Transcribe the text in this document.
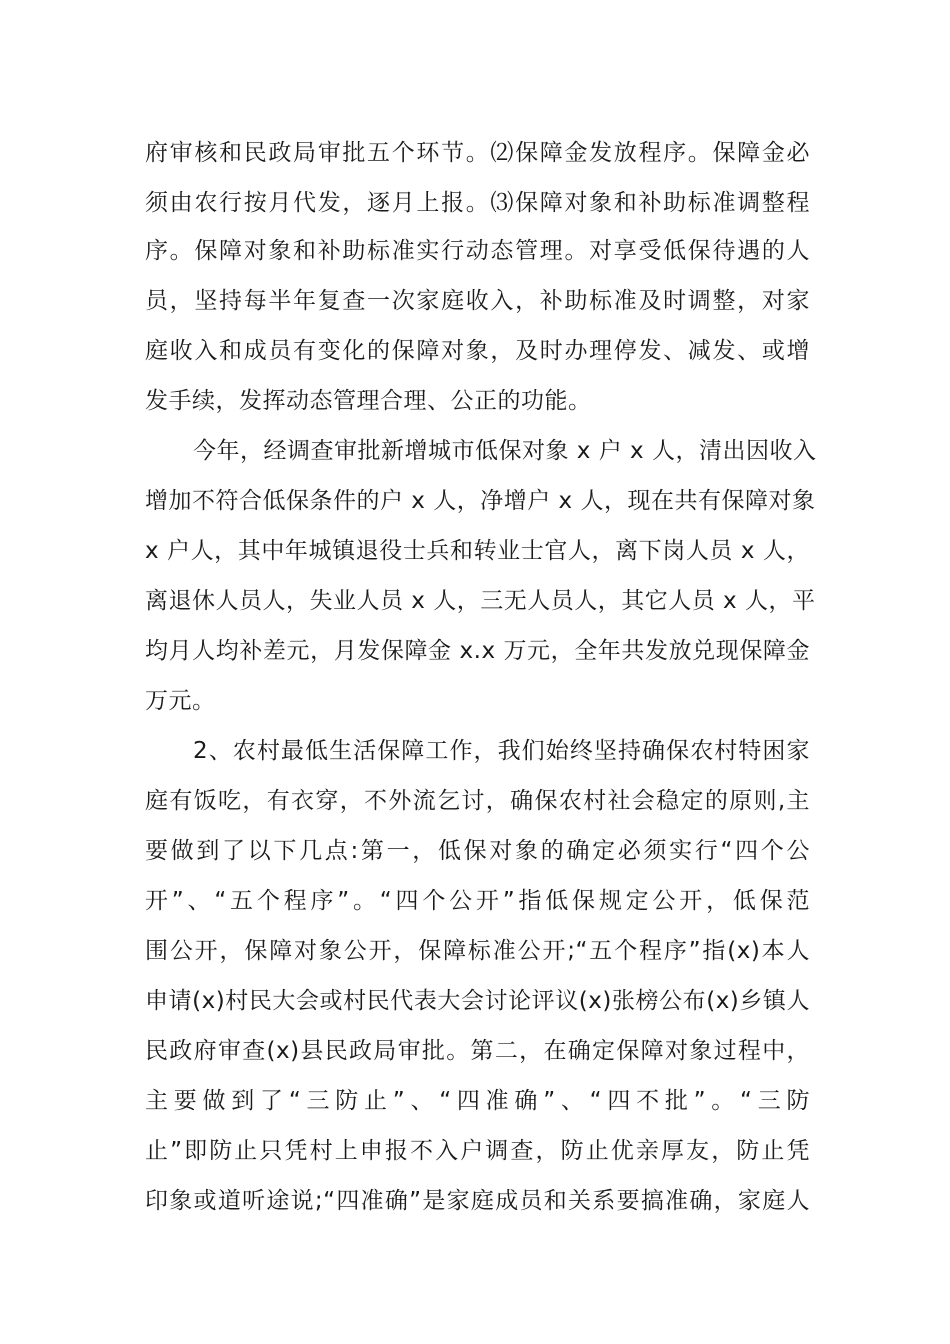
府审核和民政局审批五个环节。⑵保障金发放程序。保障金必
须由农行按月代发，逐月上报。⑶保障对象和补助标准调整程
序。保障对象和补助标准实行动态管理。对享受低保待遇的人
员，坚持每半年复查一次家庭收入，补助标准及时调整，对家
庭收入和成员有变化的保障对象，及时办理停发、减发、或增
发手续，发挥动态管理合理、公正的功能。
今年，经调查审批新增城市低保对象 x 户 x 人，清出因收入
增加不符合低保条件的户 x 人，净增户 x 人，现在共有保障对象
x 户人，其中年城镇退役士兵和转业士官人，离下岗人员 x 人，
离退休人员人，失业人员 x 人，三无人员人，其它人员 x 人，平
均月人均补差元，月发保障金 x.x 万元，全年共发放兑现保障金
万元。
2、农村最低生活保障工作，我们始终坚持确保农村特困家
庭有饭吃，有衣穿，不外流乞讨，确保农村社会稳定的原则,主
要做到了以下几点:第一，低保对象的确定必须实行“四个公
开”、“五个程序”。“四个公开”指低保规定公开，低保范
围公开，保障对象公开，保障标准公开;“五个程序”指(x)本人
申请(x)村民大会或村民代表大会讨论评议(x)张榜公布(x)乡镇人
民政府审查(x)县民政局审批。第二，在确定保障对象过程中，
主要做到了“三防止”、“四准确”、“四不批”。“三防
止”即防止只凭村上申报不入户调查，防止优亲厚友，防止凭
印象或道听途说;“四准确”是家庭成员和关系要搞准确，家庭人
